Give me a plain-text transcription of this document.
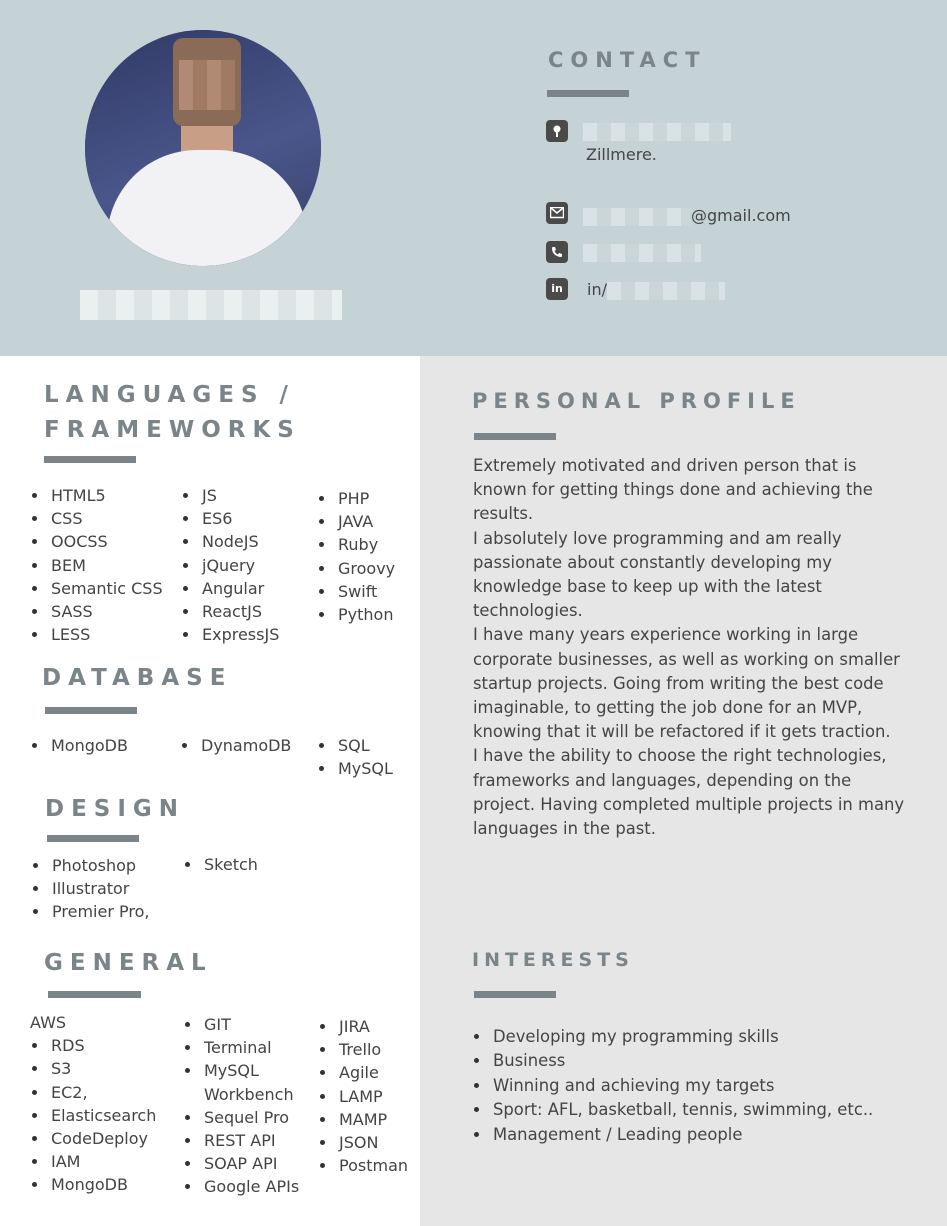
CONTACT
Zillmere.
@gmail.com
in	in/
LANGUAGES /
FRAMEWORKS
HTML5
CSS
OOCSS
BEM
Semantic CSS
SASS
LESS
JS
ES6
NodeJS
jQuery
Angular
ReactJS
ExpressJS
PHP
JAVA
Ruby
Groovy
Swift
Python
DATABASE
MongoDB	DynamoDB	SQL
MySQL
DESIGN
Photoshop
Illustrator
Premier Pro,
Sketch
GENERAL
AWS
RDS
S3
EC2,
Elasticsearch
CodeDeploy
IAM
MongoDB
GIT
Terminal
MySQL
Workbench
Sequel Pro
REST API
SOAP API
Google APIs
JIRA
Trello
Agile
LAMP
MAMP
JSON
Postman
PERSONAL PROFILE
Extremely motivated and driven person that is known for getting things done and achieving the results.
I absolutely love programming and am really passionate about constantly developing my knowledge base to keep up with the latest technologies.
I have many years experience working in large corporate businesses, as well as working on smaller startup projects. Going from writing the best code imaginable, to getting the job done for an MVP, knowing that it will be refactored if it gets traction.
I have the ability to choose the right technologies, frameworks and languages, depending on the project. Having completed multiple projects in many languages in the past.
INTERESTS
Developing my programming skills
Business
Winning and achieving my targets
Sport: AFL, basketball, tennis, swimming, etc..
Management / Leading people
